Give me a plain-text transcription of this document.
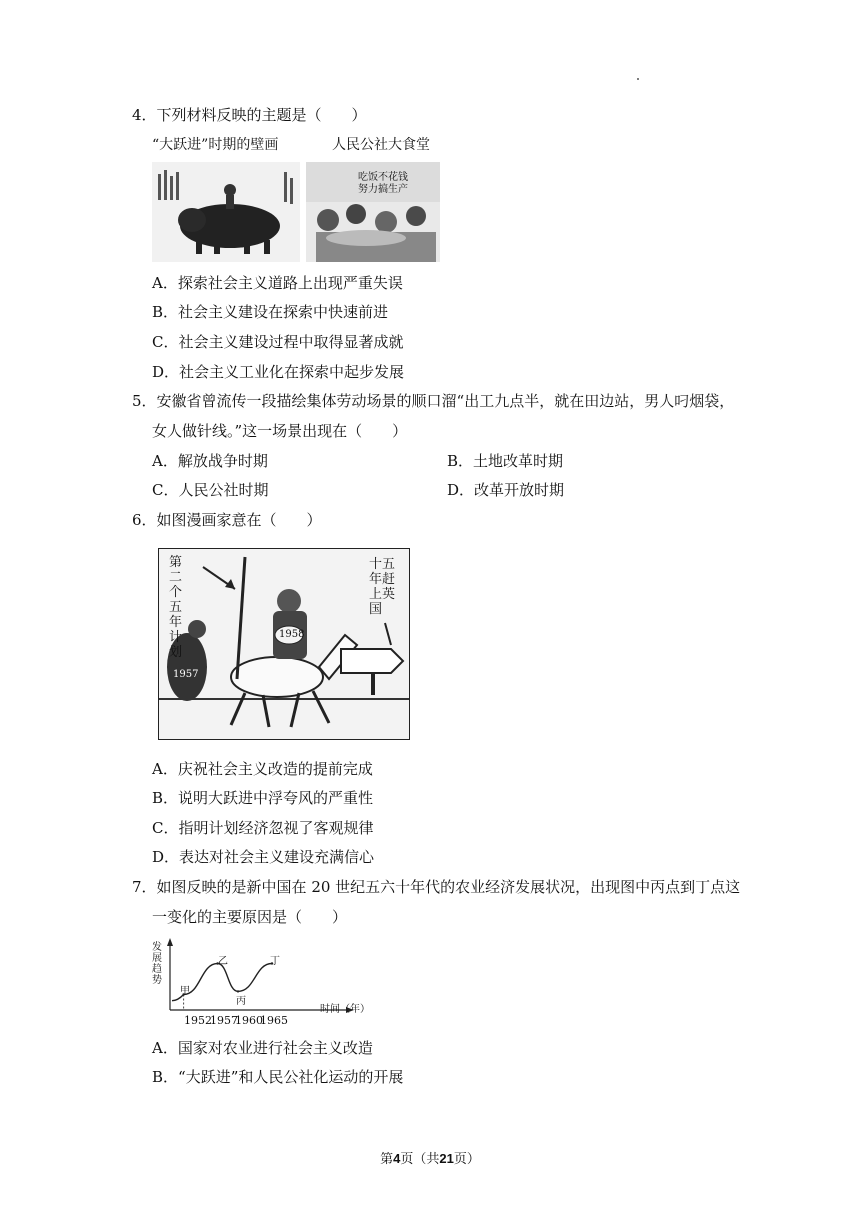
4．下列材料反映的主题是（　　）
“大跃进”时期的壁画	人民公社大食堂
吃饭不花钱
努力搞生产
A．探索社会主义道路上出现严重失误
B．社会主义建设在探索中快速前进
C．社会主义建设过程中取得显著成就
D．社会主义工业化在探索中起步发展
5．安徽省曾流传一段描绘集体劳动场景的顺口溜“出工九点半，就在田边站，男人叼烟袋，
女人做针线。”这一场景出现在（　　）
A．解放战争时期	B．土地改革时期
C．人民公社时期	D．改革开放时期
6．如图漫画家意在（　　）
第二个五年计划
十五年赶上英国
1958
1957
A．庆祝社会主义改造的提前完成
B．说明大跃进中浮夸风的严重性
C．指明计划经济忽视了客观规律
D．表达对社会主义建设充满信心
7．如图反映的是新中国在 20 世纪五六十年代的农业经济发展状况，出现图中丙点到丁点这
一变化的主要原因是（　　）
发展趋势
时间（年）
甲
乙
丙
丁
1952
1957
1960
1965
A．国家对农业进行社会主义改造
B．“大跃进”和人民公社化运动的开展
第4页（共21页）
